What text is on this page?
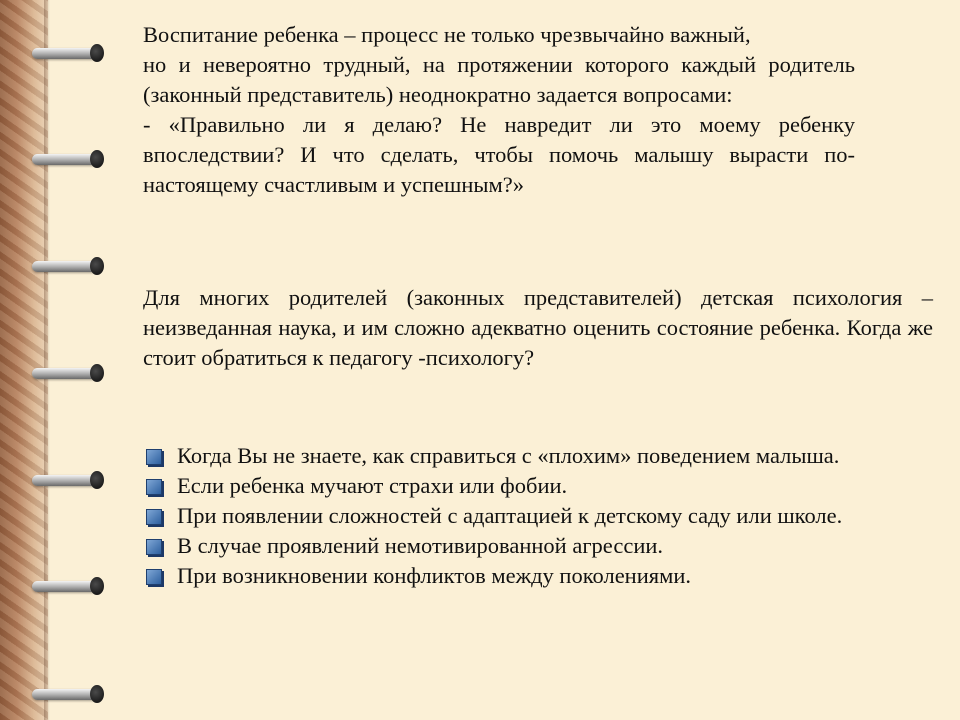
Воспитание ребенка – процесс не только чрезвычайно важный,

но и невероятно трудный, на протяжении которого каждый родитель (законный представитель) неоднократно задается вопросами:

- «Правильно ли я делаю? Не навредит ли это моему ребенку впоследствии? И что сделать, чтобы помочь малышу вырасти по-настоящему счастливым и успешным?»

Для многих родителей (законных представителей) детская психология – неизведанная наука, и им сложно адекватно оценить состояние ребенка. Когда же стоит обратиться к педагогу -психологу?

Когда Вы не знаете, как справиться с «плохим» поведением малыша.
Если ребенка мучают страхи или фобии.
При появлении сложностей с адаптацией к детскому саду или школе.
В случае проявлений немотивированной агрессии.
При возникновении конфликтов между поколениями.
